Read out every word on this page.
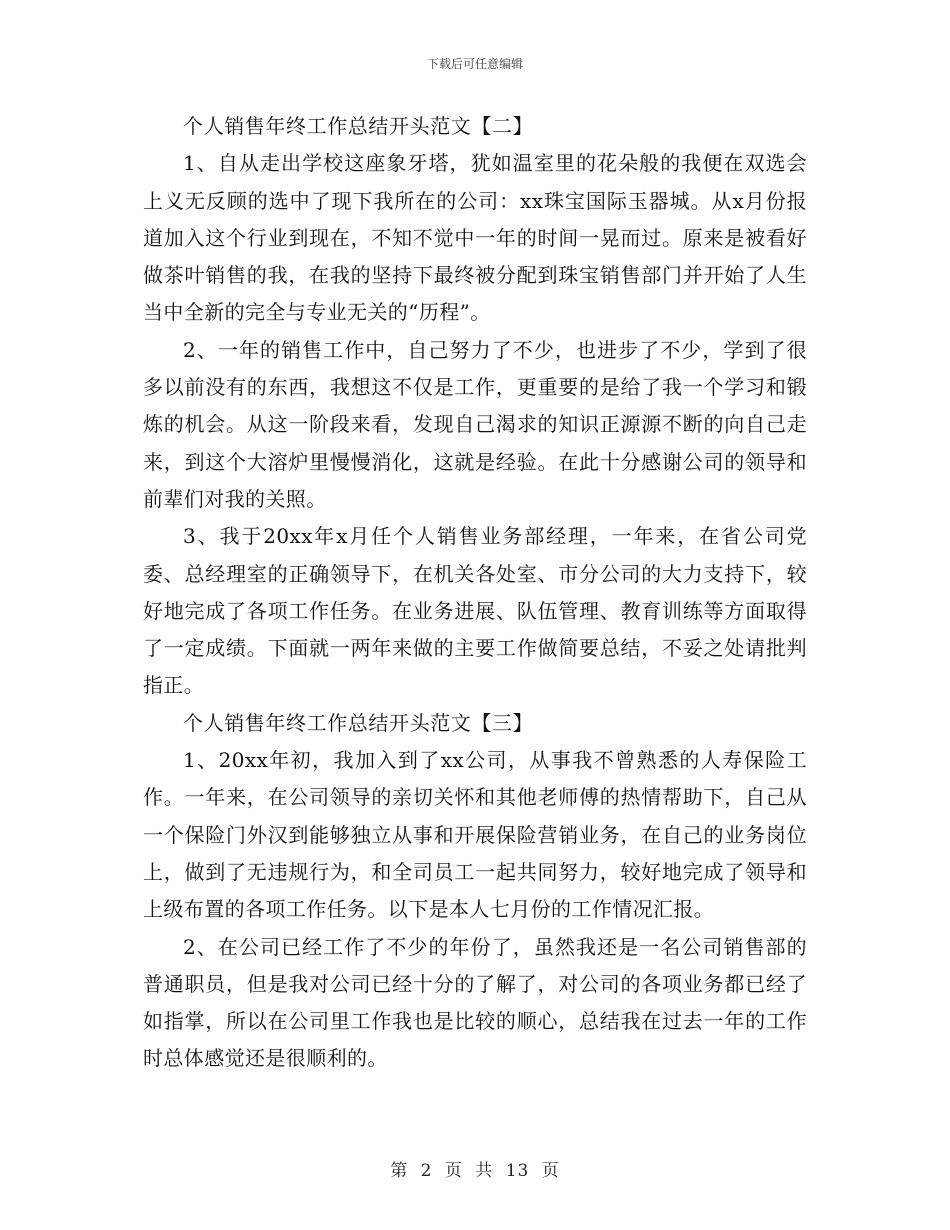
下载后可任意编辑

个人销售年终工作总结开头范文【二】

1、自从走出学校这座象牙塔，犹如温室里的花朵般的我便在双选会上义无反顾的选中了现下我所在的公司：xx珠宝国际玉器城。从x月份报道加入这个行业到现在，不知不觉中一年的时间一晃而过。原来是被看好做茶叶销售的我，在我的坚持下最终被分配到珠宝销售部门并开始了人生当中全新的完全与专业无关的“历程”。

2、一年的销售工作中，自己努力了不少，也进步了不少，学到了很多以前没有的东西，我想这不仅是工作，更重要的是给了我一个学习和锻炼的机会。从这一阶段来看，发现自己渴求的知识正源源不断的向自己走来，到这个大溶炉里慢慢消化，这就是经验。在此十分感谢公司的领导和前辈们对我的关照。

3、我于20xx年x月任个人销售业务部经理，一年来，在省公司党委、总经理室的正确领导下，在机关各处室、市分公司的大力支持下，较好地完成了各项工作任务。在业务进展、队伍管理、教育训练等方面取得了一定成绩。下面就一两年来做的主要工作做简要总结，不妥之处请批判指正。

个人销售年终工作总结开头范文【三】

1、20xx年初，我加入到了xx公司，从事我不曾熟悉的人寿保险工作。一年来，在公司领导的亲切关怀和其他老师傅的热情帮助下，自己从一个保险门外汉到能够独立从事和开展保险营销业务，在自己的业务岗位上，做到了无违规行为，和全司员工一起共同努力，较好地完成了领导和上级布置的各项工作任务。以下是本人七月份的工作情况汇报。

2、在公司已经工作了不少的年份了，虽然我还是一名公司销售部的普通职员，但是我对公司已经十分的了解了，对公司的各项业务都已经了如指掌，所以在公司里工作我也是比较的顺心，总结我在过去一年的工作时总体感觉还是很顺利的。

第 2 页 共 13 页
